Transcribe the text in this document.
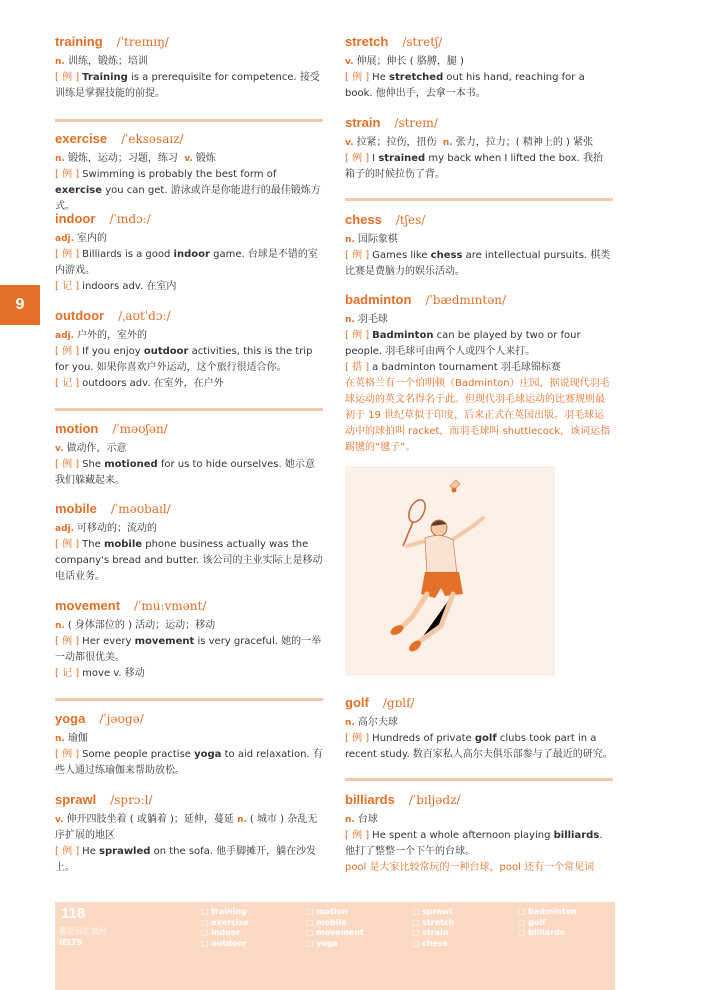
9
training /ˈtreɪnɪŋ/
n. 训练，锻炼；培训
[ 例 ] Training is a prerequisite for competence. 接受训练是掌握技能的前提。
exercise /ˈeksəsaɪz/
n. 锻炼，运动；习题，练习 v. 锻炼
[ 例 ] Swimming is probably the best form of exercise you can get. 游泳或许是你能进行的最佳锻炼方式。
indoor /ˈɪndɔː/
adj. 室内的
[ 例 ] Billiards is a good indoor game. 台球是不错的室内游戏。
[ 记 ] indoors adv. 在室内
outdoor /ˌaʊtˈdɔː/
adj. 户外的，室外的
[ 例 ] If you enjoy outdoor activities, this is the trip for you. 如果你喜欢户外运动，这个旅行很适合你。
[ 记 ] outdoors adv. 在室外，在户外
motion /ˈməʊʃən/
v. 做动作，示意
[ 例 ] She motioned for us to hide ourselves. 她示意我们躲藏起来。
mobile /ˈməʊbaɪl/
adj. 可移动的；流动的
[ 例 ] The mobile phone business actually was the company's bread and butter. 该公司的主业实际上是移动电话业务。
movement /ˈmuːvmənt/
n. ( 身体部位的 ) 活动；运动；移动
[ 例 ] Her every movement is very graceful. 她的一举一动都很优美。
[ 记 ] move v. 移动
yoga /ˈjəʊgə/
n. 瑜伽
[ 例 ] Some people practise yoga to aid relaxation. 有些人通过练瑜伽来帮助放松。
sprawl /sprɔːl/
v. 伸开四肢坐着 ( 或躺着 )；延伸，蔓延 n. ( 城市 ) 杂乱无序扩展的地区
[ 例 ] He sprawled on the sofa. 他手脚摊开，躺在沙发上。
stretch /stretʃ/
v. 伸展；伸长 ( 胳膊，腿 )
[ 例 ] He stretched out his hand, reaching for a book. 他伸出手，去拿一本书。
strain /streɪn/
v. 拉紧；拉伤，扭伤 n. 张力，拉力；( 精神上的 ) 紧张
[ 例 ] I strained my back when I lifted the box. 我抬箱子的时候拉伤了背。
chess /tʃes/
n. 国际象棋
[ 例 ] Games like chess are intellectual pursuits. 棋类比赛是费脑力的娱乐活动。
badminton /ˈbædmɪntən/
n. 羽毛球
[ 例 ] Badminton can be played by two or four people. 羽毛球可由两个人或四个人来打。
[ 搭 ] a badminton tournament 羽毛球锦标赛
在英格兰有一个伯明顿（Badminton）庄园，据说现代羽毛球运动的英文名得名于此。但现代羽毛球运动的比赛规则最初于 19 世纪草拟于印度，后来正式在英国出版。羽毛球运动中的球拍叫 racket，而羽毛球叫 shuttlecock，该词运指踢毽的“毽子”。
golf /gɒlf/
n. 高尔夫球
[ 例 ] Hundreds of private golf clubs took part in a recent study. 数百家私人高尔夫俱乐部参与了最近的研究。
billiards /ˈbɪljədz/
n. 台球
[ 例 ] He spent a whole afternoon playing billiards. 他打了整整一个下午的台球。
pool 是大家比较常玩的一种台球，pool 还有一个常见词
118
雅思词汇真经
IELTS
□ training
□ exercise
□ indoor
□ outdoor
□ motion
□ mobile
□ movement
□ yoga
□ sprawl
□ stretch
□ strain
□ chess
□ badminton
□ golf
□ billiards
